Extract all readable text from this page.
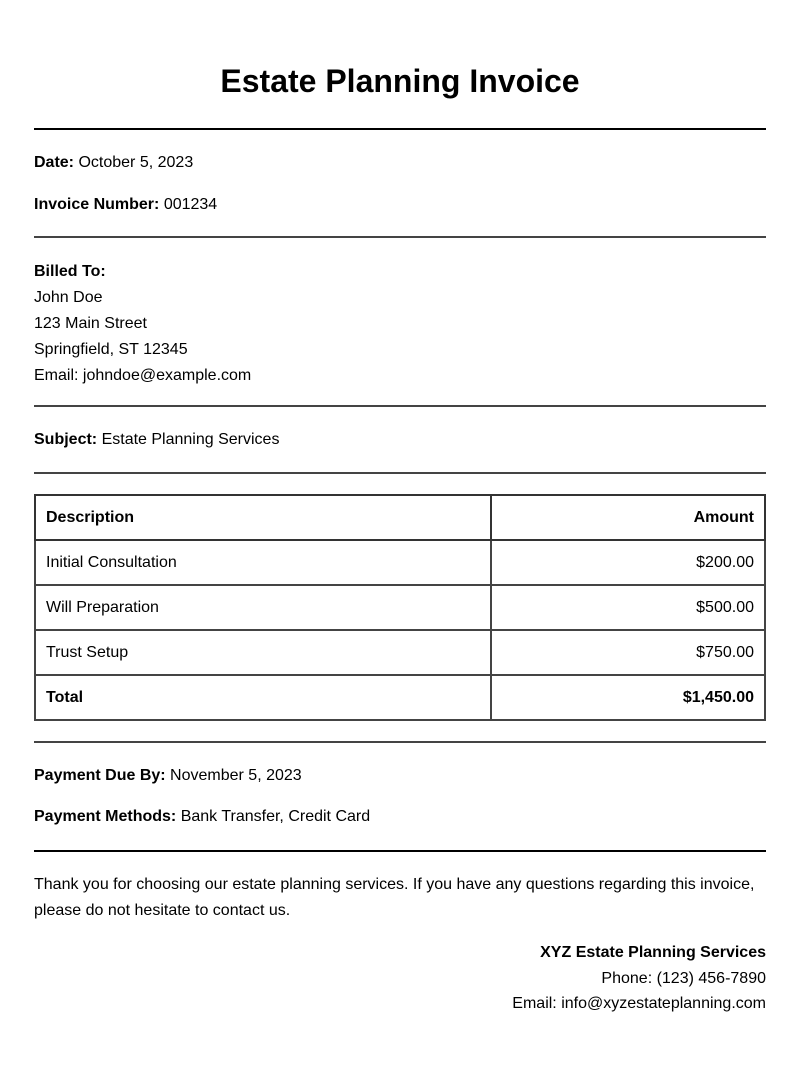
Estate Planning Invoice
Date: October 5, 2023
Invoice Number: 001234
Billed To:
John Doe
123 Main Street
Springfield, ST 12345
Email: johndoe@example.com
Subject: Estate Planning Services
Description	Amount
Initial Consultation	$200.00
Will Preparation	$500.00
Trust Setup	$750.00
Total	$1,450.00
Payment Due By: November 5, 2023
Payment Methods: Bank Transfer, Credit Card
Thank you for choosing our estate planning services. If you have any questions regarding this invoice, please do not hesitate to contact us.
XYZ Estate Planning Services
Phone: (123) 456-7890
Email: info@xyzestateplanning.com
